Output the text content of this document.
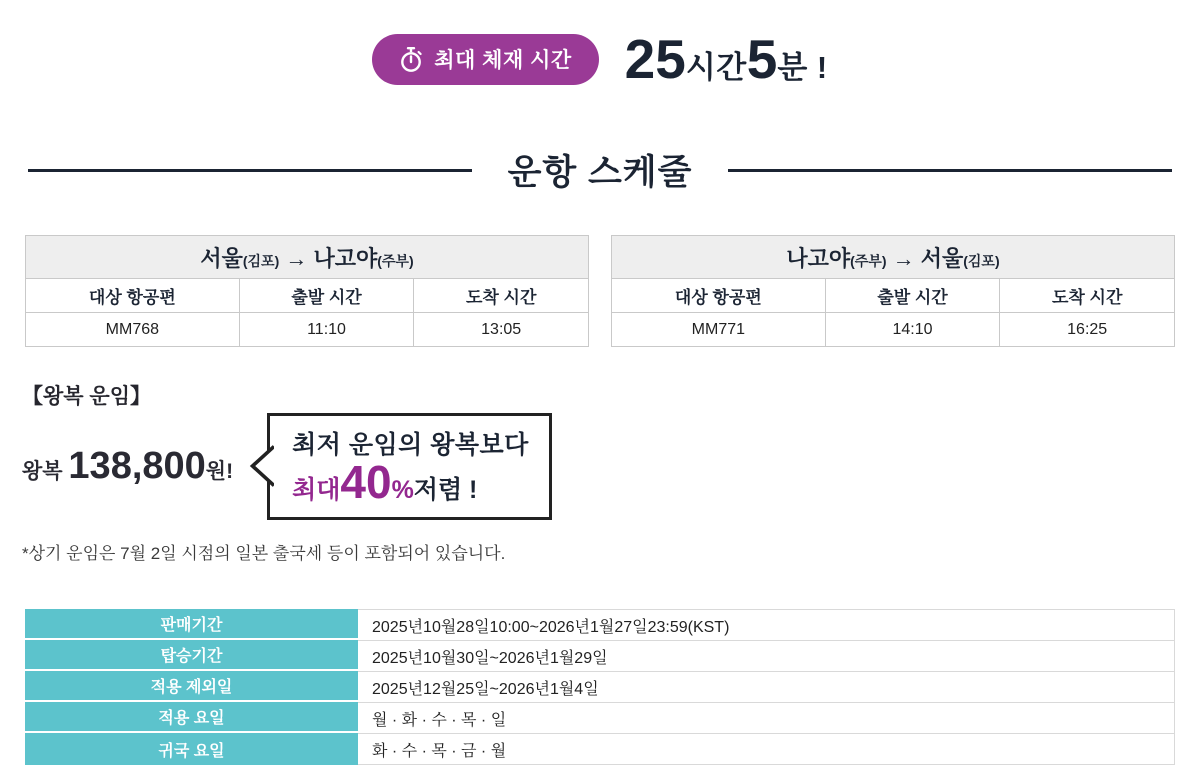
최대 체재 시간 25시간5분 !
운항 스케줄
서울(김포) → 나고야(주부)		
대상 항공편	출발 시간	도착 시간
MM768	11:10	13:05
나고야(주부) → 서울(김포)		
대상 항공편	출발 시간	도착 시간
MM771	14:10	16:25
【왕복 운임】
왕복 138,800원!
최저 운임의 왕복보다
최대 40 % 저렴 !
*상기 운임은 7월 2일 시점의 일본 출국세 등이 포함되어 있습니다.
판매기간	2025년10월28일10:00~2026년1월27일23:59(KST)
탑승기간	2025년10월30일~2026년1월29일
적용 제외일	2025년12월25일~2026년1월4일
적용 요일	월 · 화 · 수 · 목 · 일
귀국 요일	화 · 수 · 목 · 금 · 월
